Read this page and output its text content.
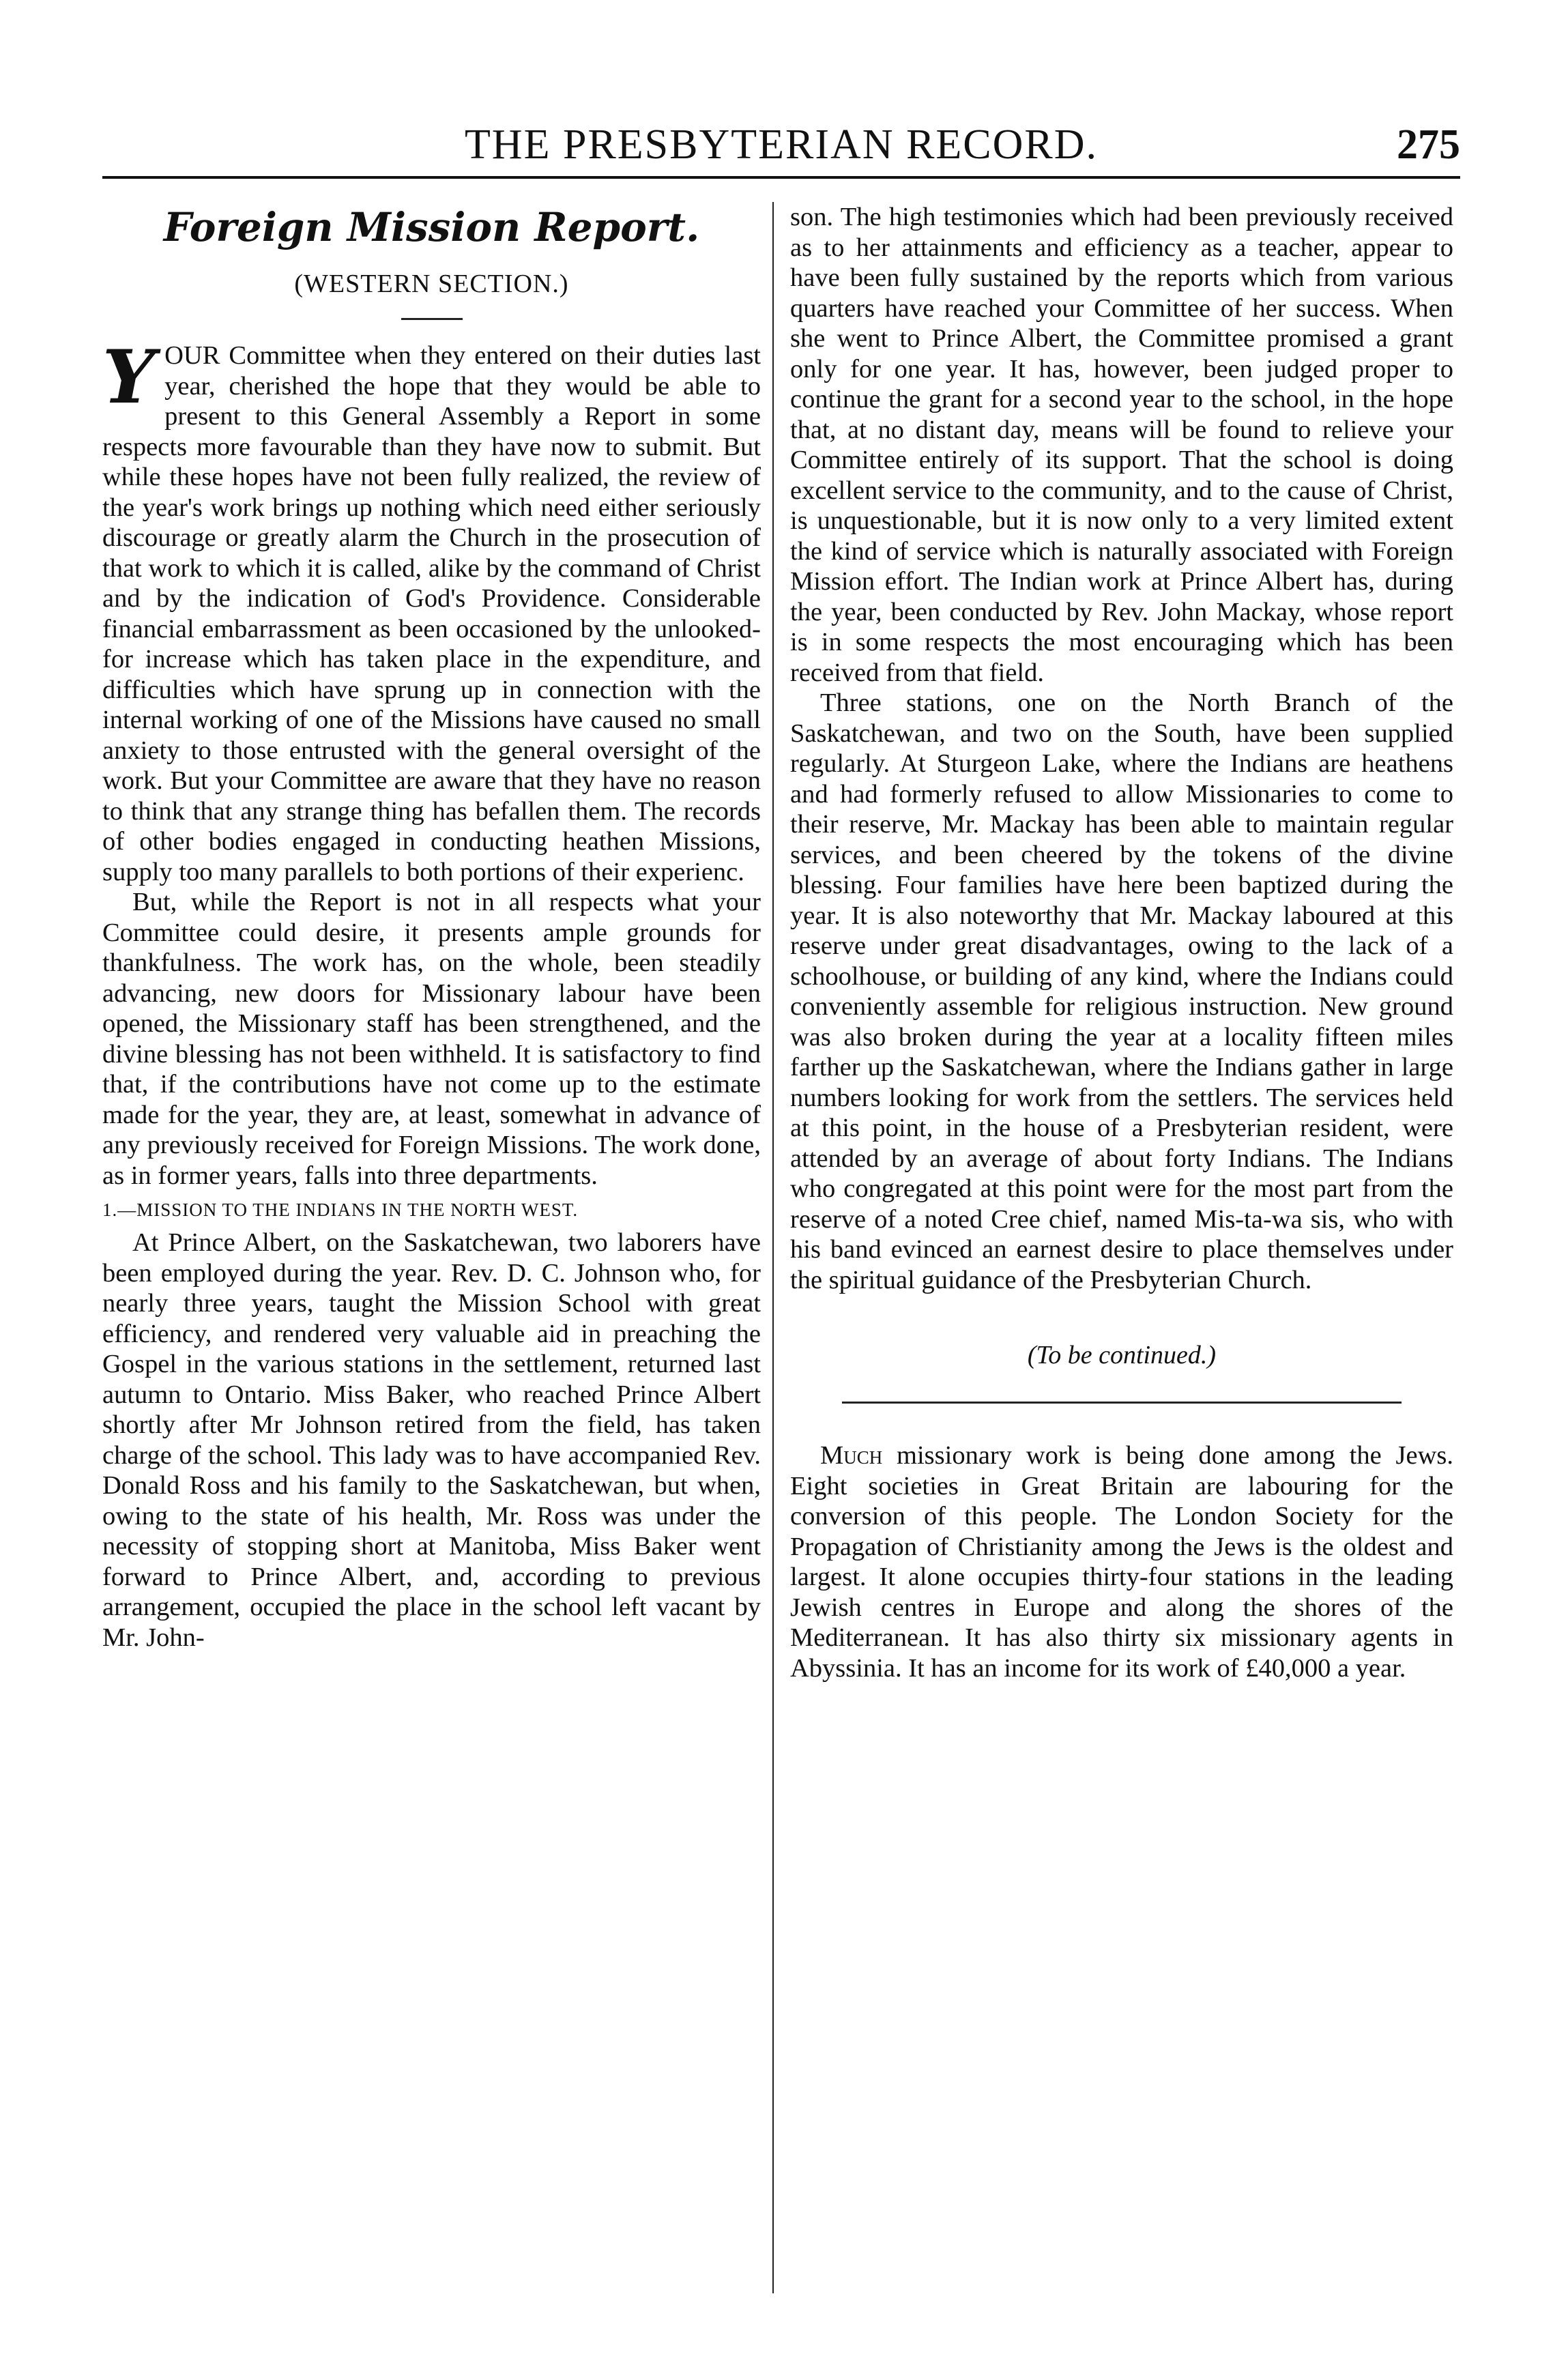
THE PRESBYTERIAN RECORD.	275
Foreign Mission Report.
(WESTERN SECTION.)

YOUR Committee when they entered on their duties last year, cherished the hope that they would be able to present to this General Assembly a Report in some respects more favourable than they have now to submit. But while these hopes have not been fully realized, the review of the year's work brings up nothing which need either seriously discourage or greatly alarm the Church in the prosecution of that work to which it is called, alike by the command of Christ and by the indication of God's Providence. Considerable financial embarrassment as been occasioned by the unlooked-for increase which has taken place in the expenditure, and difficulties which have sprung up in connection with the internal working of one of the Missions have caused no small anxiety to those entrusted with the general oversight of the work. But your Committee are aware that they have no reason to think that any strange thing has befallen them. The records of other bodies engaged in conducting heathen Missions, supply too many parallels to both portions of their experienc.

But, while the Report is not in all respects what your Committee could desire, it presents ample grounds for thankfulness. The work has, on the whole, been steadily advancing, new doors for Missionary labour have been opened, the Missionary staff has been strengthened, and the divine blessing has not been withheld. It is satisfactory to find that, if the contributions have not come up to the estimate made for the year, they are, at least, somewhat in advance of any previously received for Foreign Missions. The work done, as in former years, falls into three departments.

1.—MISSION TO THE INDIANS IN THE NORTH WEST.

At Prince Albert, on the Saskatchewan, two laborers have been employed during the year. Rev. D. C. Johnson who, for nearly three years, taught the Mission School with great efficiency, and rendered very valuable aid in preaching the Gospel in the various stations in the settlement, returned last autumn to Ontario. Miss Baker, who reached Prince Albert shortly after Mr Johnson retired from the field, has taken charge of the school. This lady was to have accompanied Rev. Donald Ross and his family to the Saskatchewan, but when, owing to the state of his health, Mr. Ross was under the necessity of stopping short at Manitoba, Miss Baker went forward to Prince Albert, and, according to previous arrangement, occupied the place in the school left vacant by Mr. John-

son. The high testimonies which had been previously received as to her attainments and efficiency as a teacher, appear to have been fully sustained by the reports which from various quarters have reached your Committee of her success. When she went to Prince Albert, the Committee promised a grant only for one year. It has, however, been judged proper to continue the grant for a second year to the school, in the hope that, at no distant day, means will be found to relieve your Committee entirely of its support. That the school is doing excellent service to the community, and to the cause of Christ, is unquestionable, but it is now only to a very limited extent the kind of service which is naturally associated with Foreign Mission effort. The Indian work at Prince Albert has, during the year, been conducted by Rev. John Mackay, whose report is in some respects the most encouraging which has been received from that field.

Three stations, one on the North Branch of the Saskatchewan, and two on the South, have been supplied regularly. At Sturgeon Lake, where the Indians are heathens and had formerly refused to allow Missionaries to come to their reserve, Mr. Mackay has been able to maintain regular services, and been cheered by the tokens of the divine blessing. Four families have here been baptized during the year. It is also noteworthy that Mr. Mackay laboured at this reserve under great disadvantages, owing to the lack of a schoolhouse, or building of any kind, where the Indians could conveniently assemble for religious instruction. New ground was also broken during the year at a locality fifteen miles farther up the Saskatchewan, where the Indians gather in large numbers looking for work from the settlers. The services held at this point, in the house of a Presbyterian resident, were attended by an average of about forty Indians. The Indians who congregated at this point were for the most part from the reserve of a noted Cree chief, named Mis-ta-wa sis, who with his band evinced an earnest desire to place themselves under the spiritual guidance of the Presbyterian Church.

(To be continued.)

Much missionary work is being done among the Jews. Eight societies in Great Britain are labouring for the conversion of this people. The London Society for the Propagation of Christianity among the Jews is the oldest and largest. It alone occupies thirty-four stations in the leading Jewish centres in Europe and along the shores of the Mediterranean. It has also thirty six missionary agents in Abyssinia. It has an income for its work of £40,000 a year.
